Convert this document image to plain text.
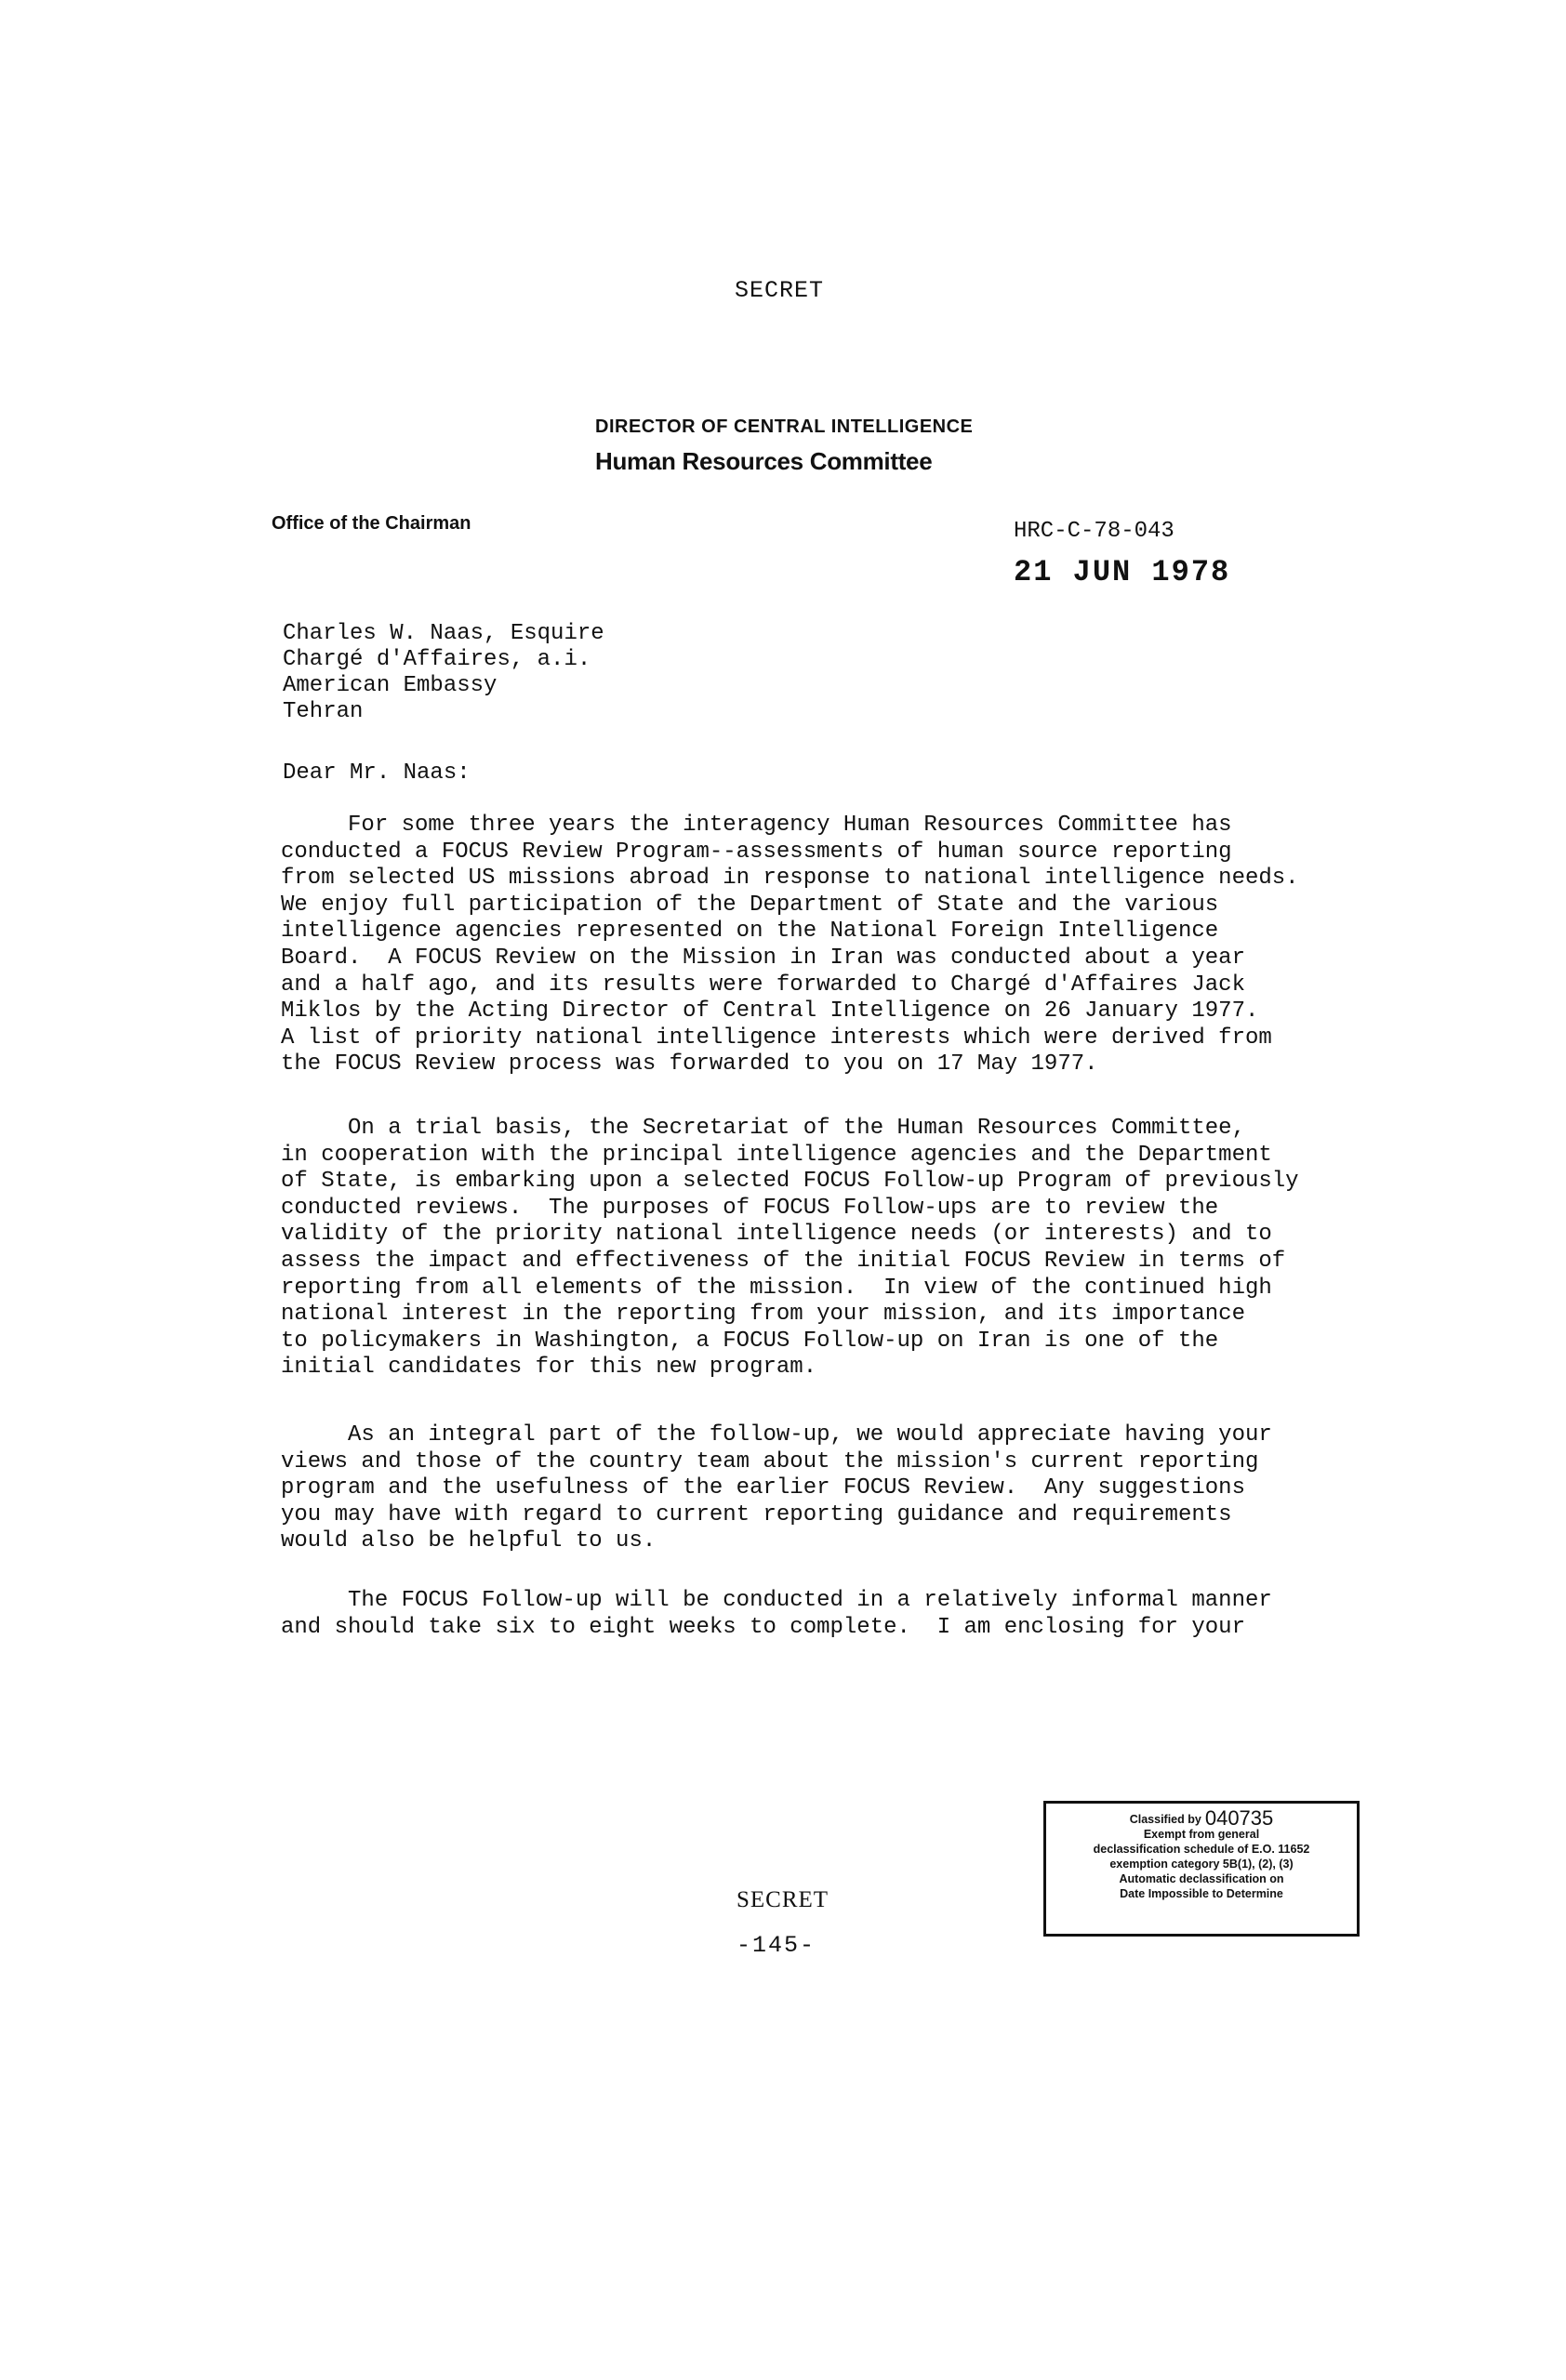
SECRET
DIRECTOR OF CENTRAL INTELLIGENCE
Human Resources Committee
Office of the Chairman	HRC-C-78-043
21 JUN 1978
Charles W. Naas, Esquire
Chargé d'Affaires, a.i.
American Embassy
Tehran
Dear Mr. Naas:
For some three years the interagency Human Resources Committee has
conducted a FOCUS Review Program--assessments of human source reporting
from selected US missions abroad in response to national intelligence needs.
We enjoy full participation of the Department of State and the various
intelligence agencies represented on the National Foreign Intelligence
Board.  A FOCUS Review on the Mission in Iran was conducted about a year
and a half ago, and its results were forwarded to Chargé d'Affaires Jack
Miklos by the Acting Director of Central Intelligence on 26 January 1977.
A list of priority national intelligence interests which were derived from
the FOCUS Review process was forwarded to you on 17 May 1977.
On a trial basis, the Secretariat of the Human Resources Committee,
in cooperation with the principal intelligence agencies and the Department
of State, is embarking upon a selected FOCUS Follow-up Program of previously
conducted reviews.  The purposes of FOCUS Follow-ups are to review the
validity of the priority national intelligence needs (or interests) and to
assess the impact and effectiveness of the initial FOCUS Review in terms of
reporting from all elements of the mission.  In view of the continued high
national interest in the reporting from your mission, and its importance
to policymakers in Washington, a FOCUS Follow-up on Iran is one of the
initial candidates for this new program.
As an integral part of the follow-up, we would appreciate having your
views and those of the country team about the mission's current reporting
program and the usefulness of the earlier FOCUS Review.  Any suggestions
you may have with regard to current reporting guidance and requirements
would also be helpful to us.
The FOCUS Follow-up will be conducted in a relatively informal manner
and should take six to eight weeks to complete.  I am enclosing for your
SECRET
-145-
Classified by 040735
Exempt from general
declassification schedule of E.O. 11652
exemption category 5B(1), (2), (3)
Automatic declassification on
Date Impossible to Determine
